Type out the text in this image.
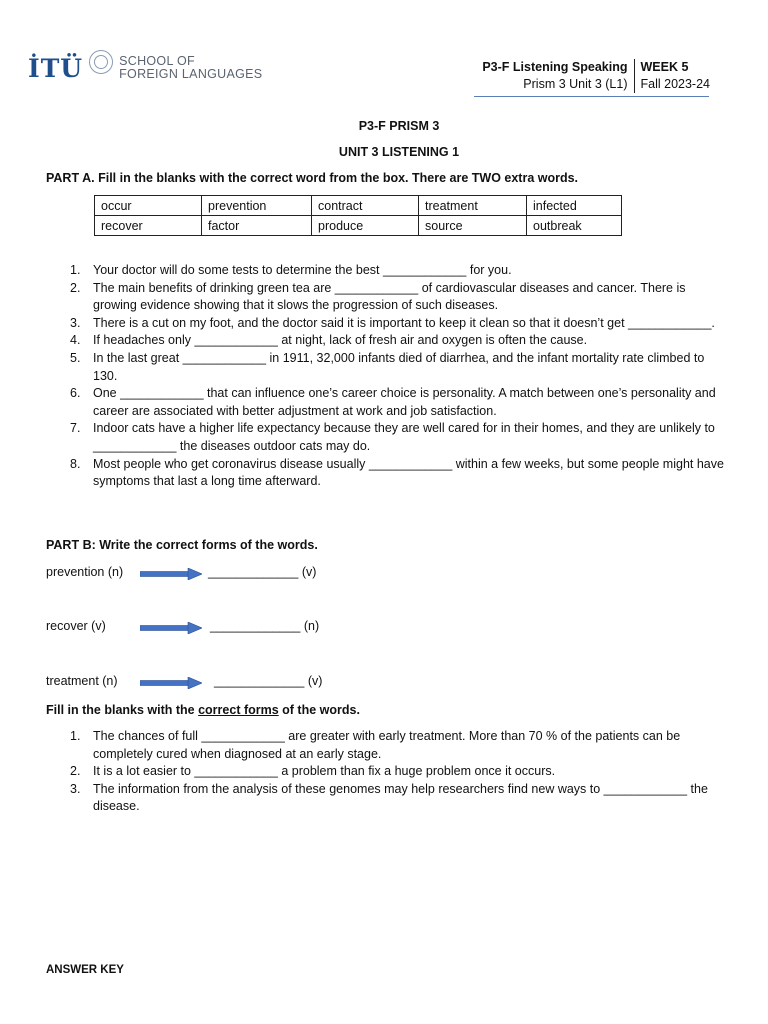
İTÜ	SCHOOL OF
FOREIGN LANGUAGES	P3-F Listening Speaking
Prism 3 Unit 3 (L1)
WEEK 5
Fall 2023-24
P3-F PRISM 3
UNIT 3 LISTENING 1
PART A. Fill in the blanks with the correct word from the box. There are TWO extra words.
occur	prevention	contract	treatment	infected
recover	factor	produce	source	outbreak
1. Your doctor will do some tests to determine the best ____________ for you.
2. The main benefits of drinking green tea are ____________ of cardiovascular diseases and cancer. There is growing evidence showing that it slows the progression of such diseases.
3. There is a cut on my foot, and the doctor said it is important to keep it clean so that it doesn’t get ____________.
4. If headaches only ____________ at night, lack of fresh air and oxygen is often the cause.
5. In the last great ____________ in 1911, 32,000 infants died of diarrhea, and the infant mortality rate climbed to 130.
6. One ____________ that can influence one’s career choice is personality. A match between one’s personality and career are associated with better adjustment at work and job satisfaction.
7. Indoor cats have a higher life expectancy because they are well cared for in their homes, and they are unlikely to ____________ the diseases outdoor cats may do.
8. Most people who get coronavirus disease usually ____________ within a few weeks, but some people might have symptoms that last a long time afterward.
PART B: Write the correct forms of the words.
prevention (n)	_____________ (v)
recover (v)	_____________ (n)
treatment (n)	_____________ (v)
Fill in the blanks with the correct forms of the words.
1. The chances of full ____________ are greater with early treatment. More than 70 % of the patients can be completely cured when diagnosed at an early stage.
2. It is a lot easier to ____________ a problem than fix a huge problem once it occurs.
3. The information from the analysis of these genomes may help researchers find new ways to ____________ the disease.
ANSWER KEY
